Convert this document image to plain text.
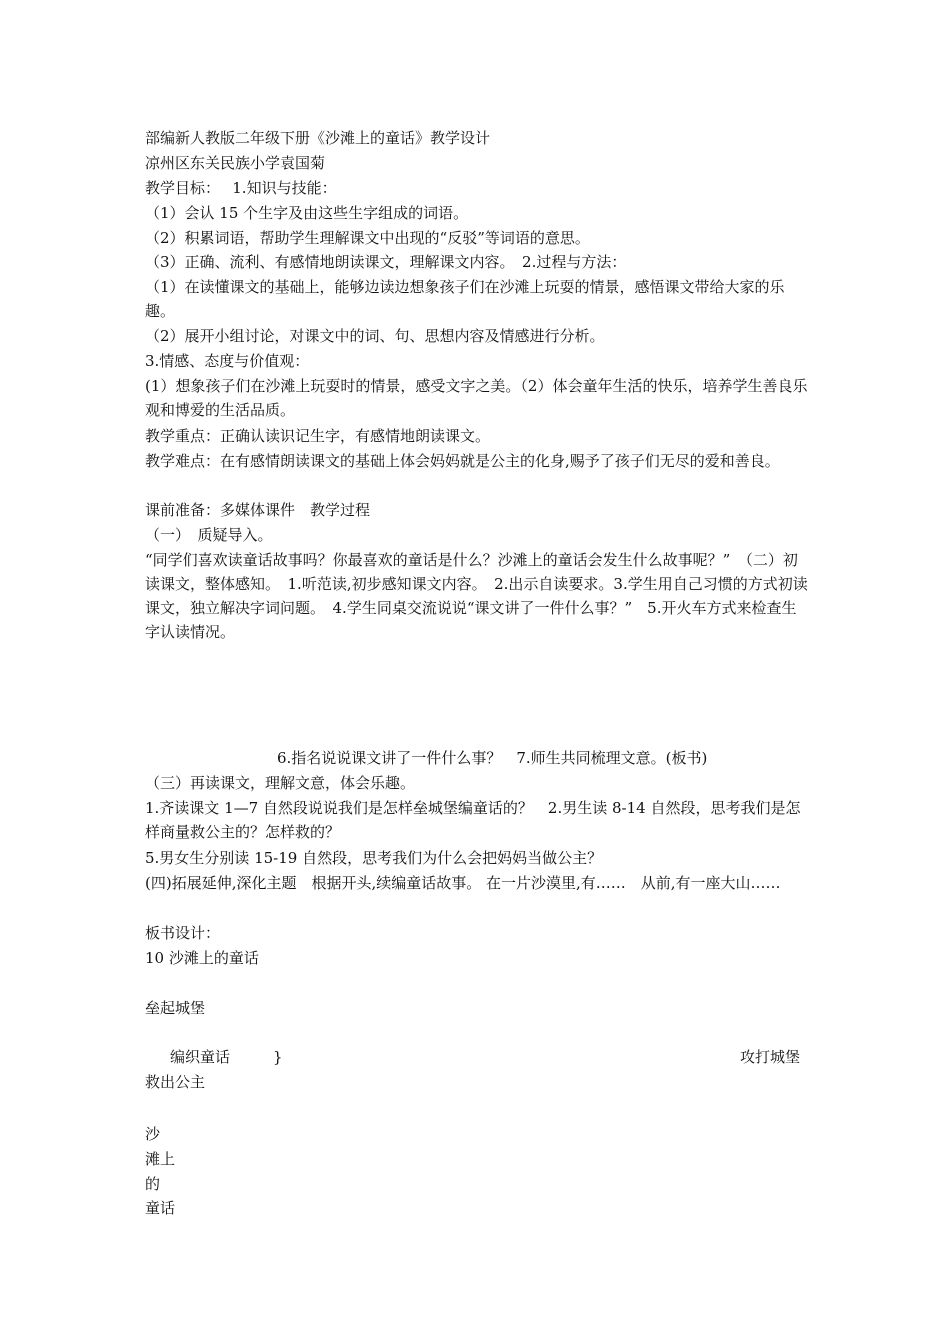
部编新人教版二年级下册《沙滩上的童话》教学设计
凉州区东关民族小学袁国菊
教学目标：　 1.知识与技能：
（1）会认 15 个生字及由这些生字组成的词语。
（2）积累词语，帮助学生理解课文中出现的“反驳”等词语的意思。
（3）正确、流利、有感情地朗读课文，理解课文内容。　2.过程与方法：
（1）在读懂课文的基础上，能够边读边想象孩子们在沙滩上玩耍的情景，感悟课文带给大家的乐趣。
（2）展开小组讨论，对课文中的词、句、思想内容及情感进行分析。
3.情感、态度与价值观：
(1）想象孩子们在沙滩上玩耍时的情景，感受文字之美。（2）体会童年生活的快乐，培养学生善良乐观和博爱的生活品质。
教学重点：正确认读识记生字，有感情地朗读课文。
教学难点：在有感情朗读课文的基础上体会妈妈就是公主的化身,赐予了孩子们无尽的爱和善良。
课前准备：多媒体课件　教学过程
（一）　质疑导入。
“同学们喜欢读童话故事吗？你最喜欢的童话是什么？沙滩上的童话会发生什么故事呢？”　（二）初读课文，整体感知。　1.听范读,初步感知课文内容。　2.出示自读要求。3.学生用自己习惯的方式初读课文，独立解决字词问题。　4.学生同桌交流说说“课文讲了一件什么事？”　5.开火车方式来检查生字认读情况。
6.指名说说课文讲了一件什么事？　7.师生共同梳理文意。(板书)
（三）再读课文，理解文意，体会乐趣。
1.齐读课文 1—7 自然段说说我们是怎样垒城堡编童话的？　2.男生读 8-14 自然段，思考我们是怎样商量救公主的？怎样救的？
5.男女生分别读 15-19 自然段，思考我们为什么会把妈妈当做公主？
(四)拓展延伸,深化主题　根据开头,续编童话故事。 在一片沙漠里,有……　从前,有一座大山……
板书设计：
10 沙滩上的童话
垒起城堡
编织童话	}	攻打城堡
救出公主
沙
滩上
的
童话
